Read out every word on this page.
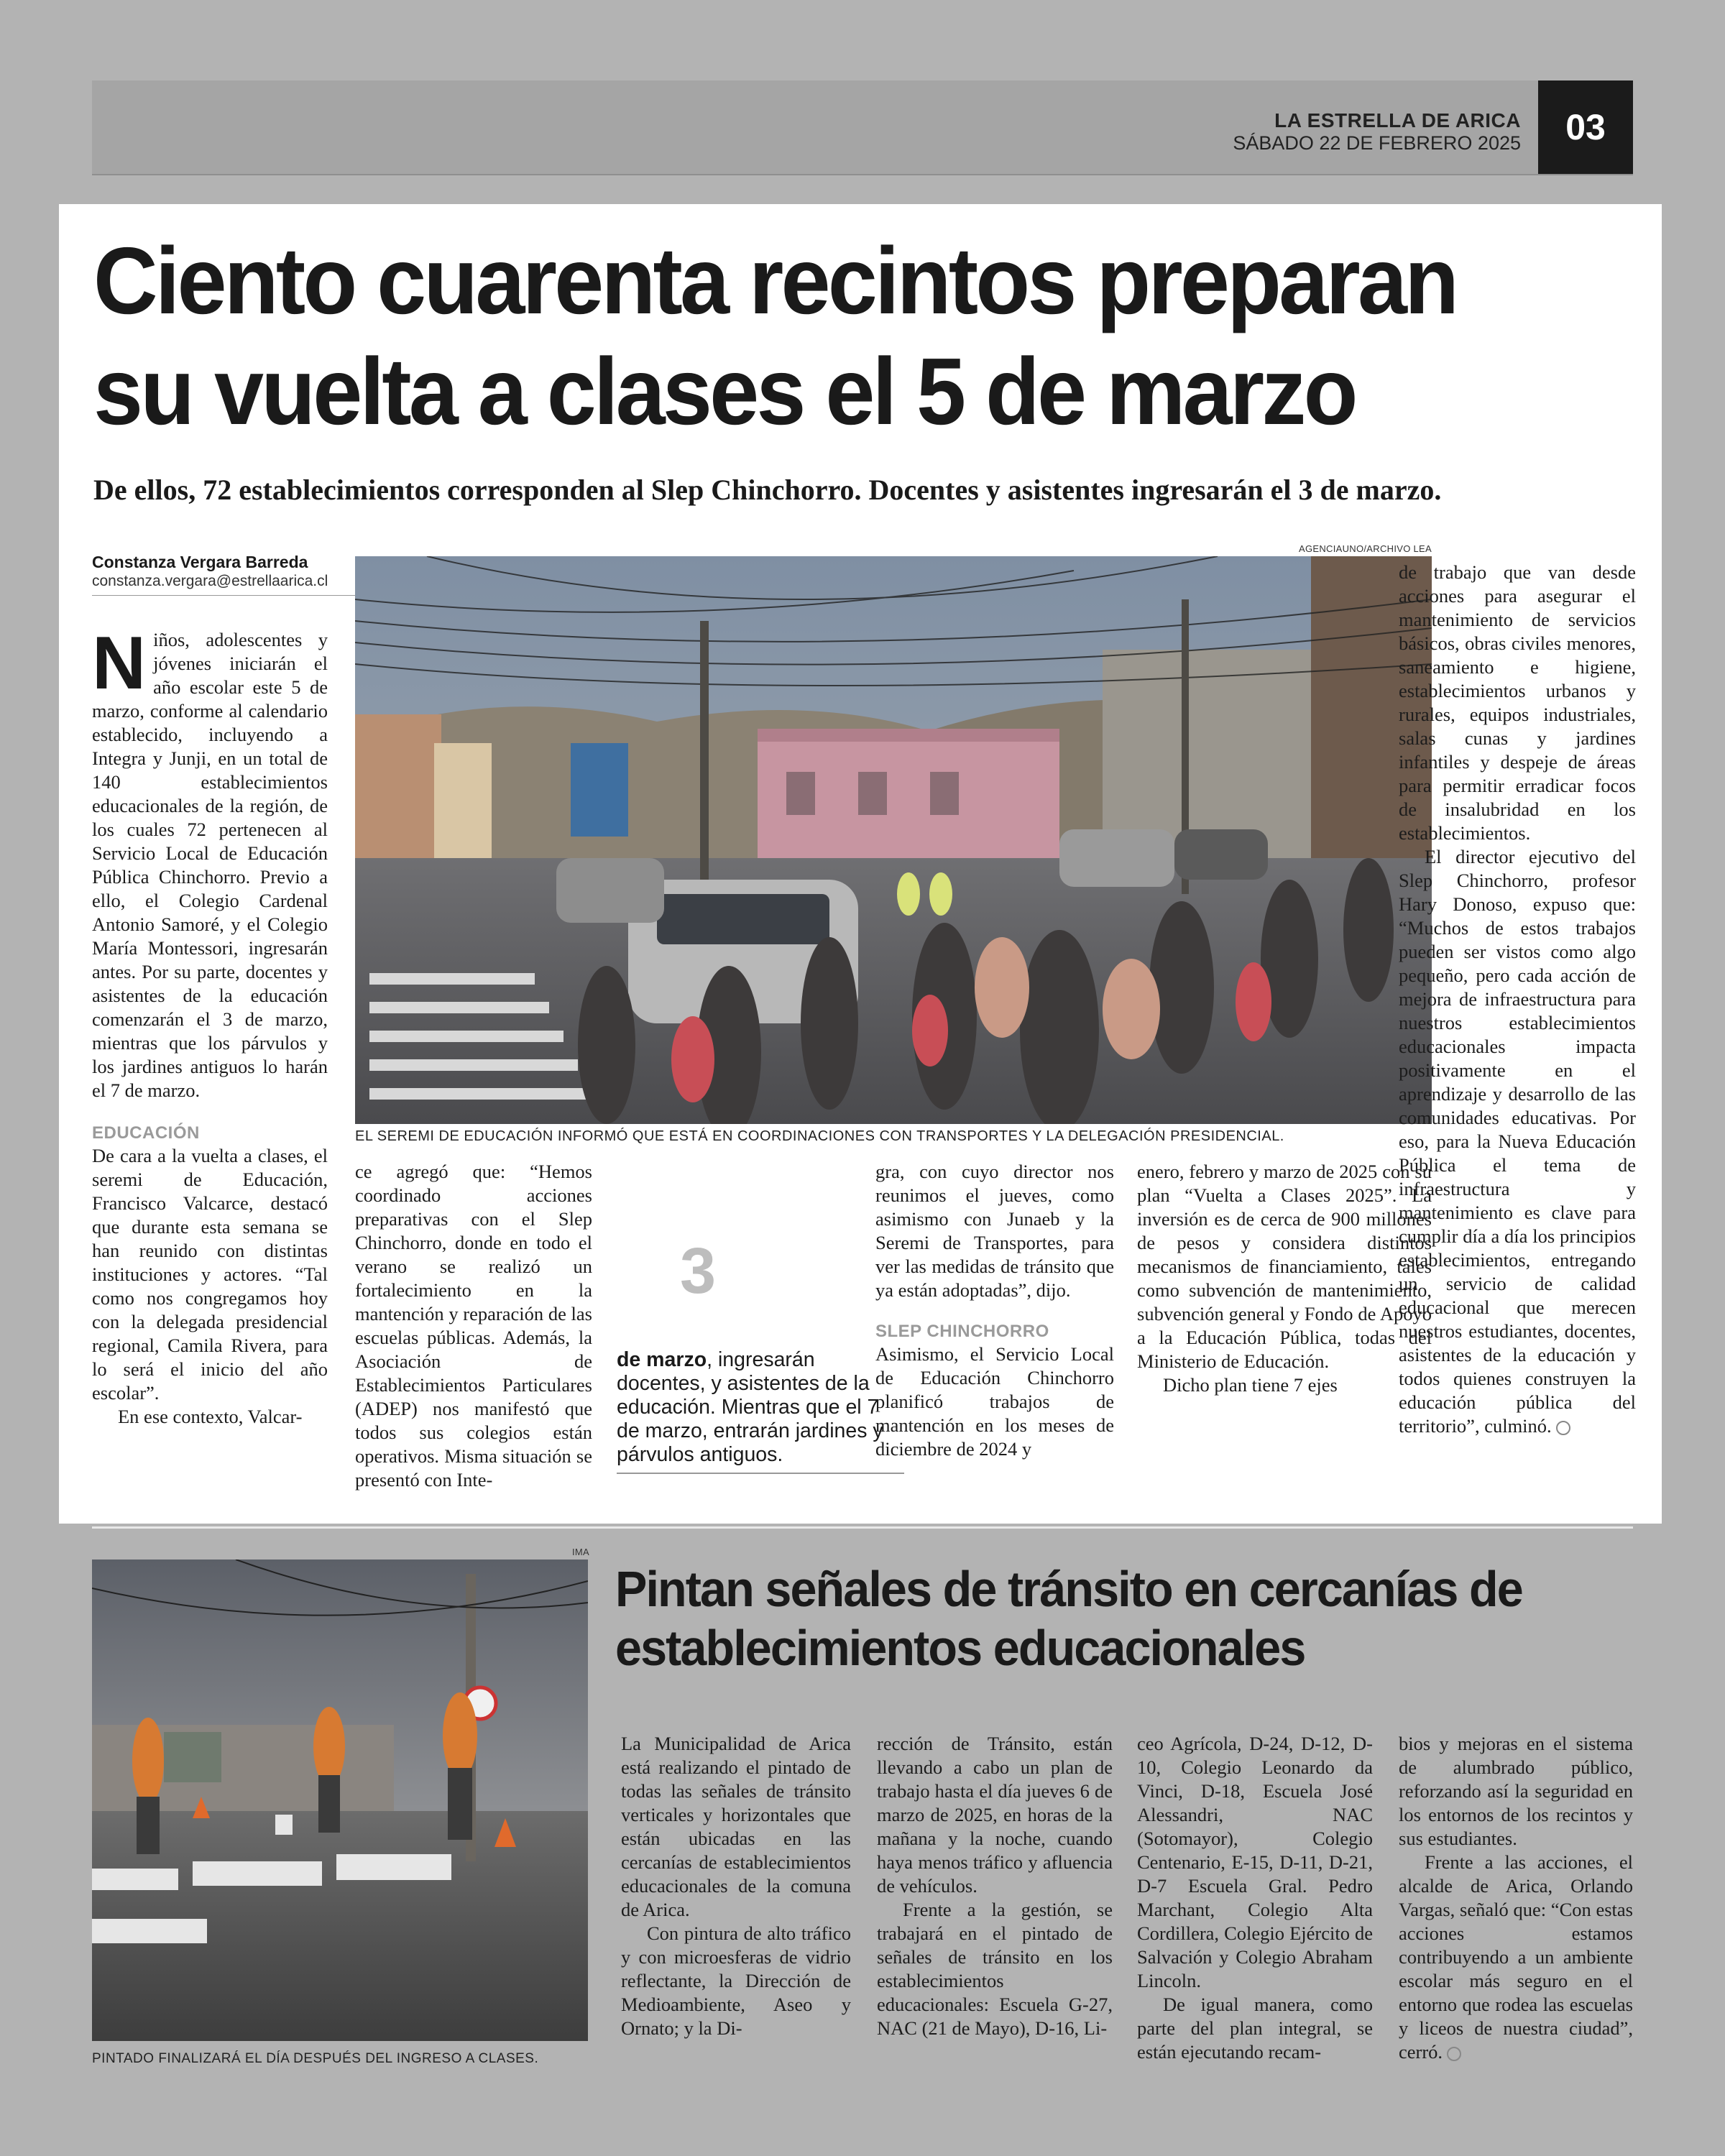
LA ESTRELLA DE ARICA
SÁBADO 22 DE FEBRERO 2025	03
Ciento cuarenta recintos preparan su vuelta a clases el 5 de marzo
De ellos, 72 establecimientos corresponden al Slep Chinchorro. Docentes y asistentes ingresarán el 3 de marzo.
Constanza Vergara Barreda
constanza.vergara@estrellaarica.cl
AGENCIAUNO/ARCHIVO LEA
EL SEREMI DE EDUCACIÓN INFORMÓ QUE ESTÁ EN COORDINACIONES CON TRANSPORTES Y LA DELEGACIÓN PRESIDENCIAL.

Niños, adolescentes y jóvenes iniciarán el año escolar este 5 de marzo, conforme al calendario establecido, incluyendo a Integra y Junji, en un total de 140 establecimientos educacionales de la región, de los cuales 72 pertenecen al Servicio Local de Educación Pública Chinchorro. Previo a ello, el Colegio Cardenal Antonio Samoré, y el Colegio María Montessori, ingresarán antes. Por su parte, docentes y asistentes de la educación comenzarán el 3 de marzo, mientras que los párvulos y los jardines antiguos lo harán el 7 de marzo.

EDUCACIÓN

De cara a la vuelta a clases, el seremi de Educación, Francisco Valcarce, destacó que durante esta semana se han reunido con distintas instituciones y actores. “Tal como nos congregamos hoy con la delegada presidencial regional, Camila Rivera, para lo será el inicio del año escolar”.

En ese contexto, Valcar-

ce agregó que: “Hemos coordinado acciones preparativas con el Slep Chinchorro, donde en todo el verano se realizó un fortalecimiento en la mantención y reparación de las escuelas públicas. Además, la Asociación de Establecimientos Particulares (ADEP) nos manifestó que todos sus colegios están operativos. Misma situación se presentó con Inte-

3
de marzo, ingresarán docentes, y asistentes de la educación. Mientras que el 7 de marzo, entrarán jardines y párvulos antiguos.

gra, con cuyo director nos reunimos el jueves, como asimismo con Junaeb y la Seremi de Transportes, para ver las medidas de tránsito que ya están adoptadas”, dijo.

SLEP CHINCHORRO

Asimismo, el Servicio Local de Educación Chinchorro planificó trabajos de mantención en los meses de diciembre de 2024 y

enero, febrero y marzo de 2025 con su plan “Vuelta a Clases 2025”. La inversión es de cerca de 900 millones de pesos y considera distintos mecanismos de financiamiento, tales como subvención de mantenimiento, subvención general y Fondo de Apoyo a la Educación Pública, todas del Ministerio de Educación.

Dicho plan tiene 7 ejes

de trabajo que van desde acciones para asegurar el mantenimiento de servicios básicos, obras civiles menores, saneamiento e higiene, establecimientos urbanos y rurales, equipos industriales, salas cunas y jardines infantiles y despeje de áreas para permitir erradicar focos de insalubridad en los establecimientos.

El director ejecutivo del Slep Chinchorro, profesor Hary Donoso, expuso que: “Muchos de estos trabajos pueden ser vistos como algo pequeño, pero cada acción de mejora de infraestructura para nuestros establecimientos educacionales impacta positivamente en el aprendizaje y desarrollo de las comunidades educativas. Por eso, para la Nueva Educación Pública el tema de infraestructura y mantenimiento es clave para cumplir día a día los principios establecimientos, entregando un servicio de calidad educacional que merecen nuestros estudiantes, docentes, asistentes de la educación y todos quienes construyen la educación pública del territorio”, culminó.

IMA
PINTADO FINALIZARÁ EL DÍA DESPUÉS DEL INGRESO A CLASES.
Pintan señales de tránsito en cercanías de establecimientos educacionales

La Municipalidad de Arica está realizando el pintado de todas las señales de tránsito verticales y horizontales que están ubicadas en las cercanías de establecimientos educacionales de la comuna de Arica.

Con pintura de alto tráfico y con microesferas de vidrio reflectante, la Dirección de Medioambiente, Aseo y Ornato; y la Di-

rección de Tránsito, están llevando a cabo un plan de trabajo hasta el día jueves 6 de marzo de 2025, en horas de la mañana y la noche, cuando haya menos tráfico y afluencia de vehículos.

Frente a la gestión, se trabajará en el pintado de señales de tránsito en los establecimientos educacionales: Escuela G-27, NAC (21 de Mayo), D-16, Li-

ceo Agrícola, D-24, D-12, D-10, Colegio Leonardo da Vinci, D-18, Escuela José Alessandri, NAC (Sotomayor), Colegio Centenario, E-15, D-11, D-21, D-7 Escuela Gral. Pedro Marchant, Colegio Alta Cordillera, Colegio Ejército de Salvación y Colegio Abraham Lincoln.

De igual manera, como parte del plan integral, se están ejecutando recam-

bios y mejoras en el sistema de alumbrado público, reforzando así la seguridad en los entornos de los recintos y sus estudiantes.

Frente a las acciones, el alcalde de Arica, Orlando Vargas, señaló que: “Con estas acciones estamos contribuyendo a un ambiente escolar más seguro en el entorno que rodea las escuelas y liceos de nuestra ciudad”, cerró.
